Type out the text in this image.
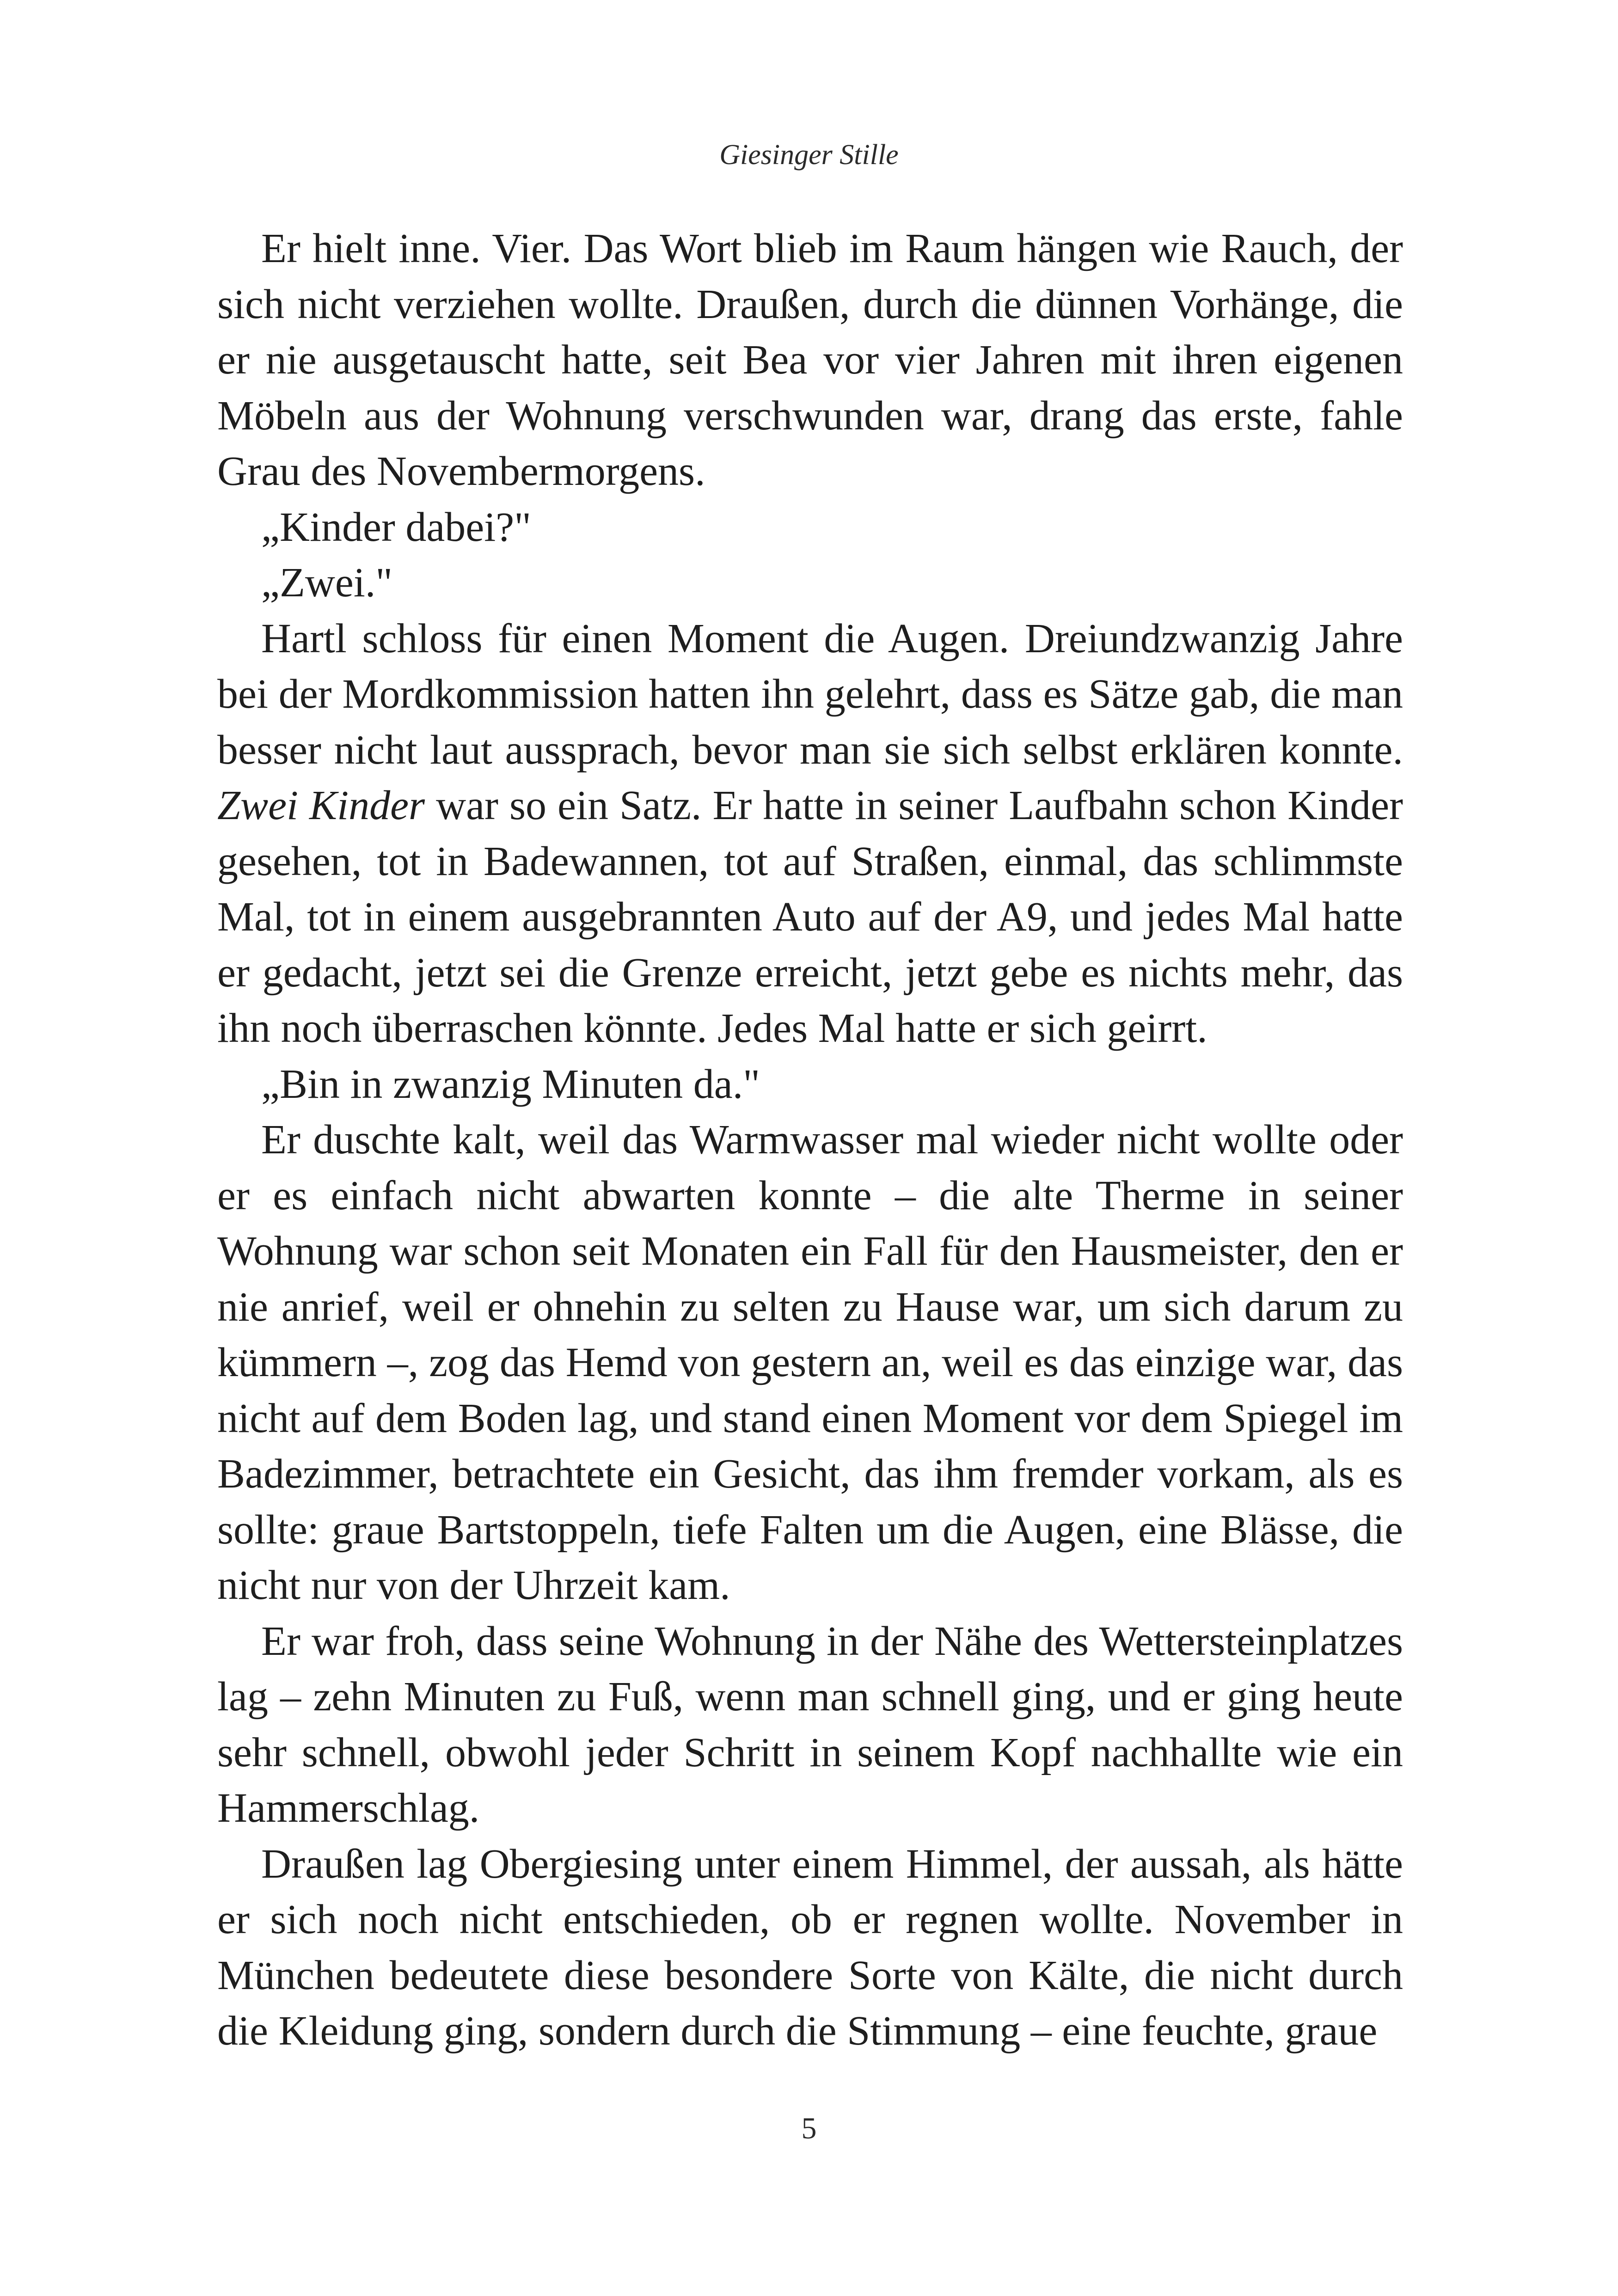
Giesinger Stille

Er hielt inne. Vier. Das Wort blieb im Raum hängen wie Rauch, der sich nicht verziehen wollte. Draußen, durch die dünnen Vorhänge, die er nie ausgetauscht hatte, seit Bea vor vier Jahren mit ihren eigenen Möbeln aus der Wohnung verschwunden war, drang das erste, fahle Grau des Novembermorgens.

„Kinder dabei?"

„Zwei."

Hartl schloss für einen Moment die Augen. Dreiundzwanzig Jahre bei der Mordkommission hatten ihn gelehrt, dass es Sätze gab, die man besser nicht laut aussprach, bevor man sie sich selbst erklären konnte. Zwei Kinder war so ein Satz. Er hatte in seiner Laufbahn schon Kinder gesehen, tot in Badewannen, tot auf Straßen, einmal, das schlimmste Mal, tot in einem ausgebrannten Auto auf der A9, und jedes Mal hatte er gedacht, jetzt sei die Grenze erreicht, jetzt gebe es nichts mehr, das ihn noch überraschen könnte. Jedes Mal hatte er sich geirrt.

„Bin in zwanzig Minuten da."

Er duschte kalt, weil das Warmwasser mal wieder nicht wollte oder er es einfach nicht abwarten konnte – die alte Therme in seiner Wohnung war schon seit Monaten ein Fall für den Hausmeister, den er nie anrief, weil er ohnehin zu selten zu Hause war, um sich darum zu kümmern –, zog das Hemd von gestern an, weil es das einzige war, das nicht auf dem Boden lag, und stand einen Moment vor dem Spiegel im Badezimmer, betrachtete ein Gesicht, das ihm fremder vorkam, als es sollte: graue Bartstoppeln, tiefe Falten um die Augen, eine Blässe, die nicht nur von der Uhrzeit kam.

Er war froh, dass seine Wohnung in der Nähe des Wettersteinplatzes lag – zehn Minuten zu Fuß, wenn man schnell ging, und er ging heute sehr schnell, obwohl jeder Schritt in seinem Kopf nachhallte wie ein Hammerschlag.

Draußen lag Obergiesing unter einem Himmel, der aussah, als hätte er sich noch nicht entschieden, ob er regnen wollte. November in München bedeutete diese besondere Sorte von Kälte, die nicht durch die Kleidung ging, sondern durch die Stimmung – eine feuchte, graue

5
